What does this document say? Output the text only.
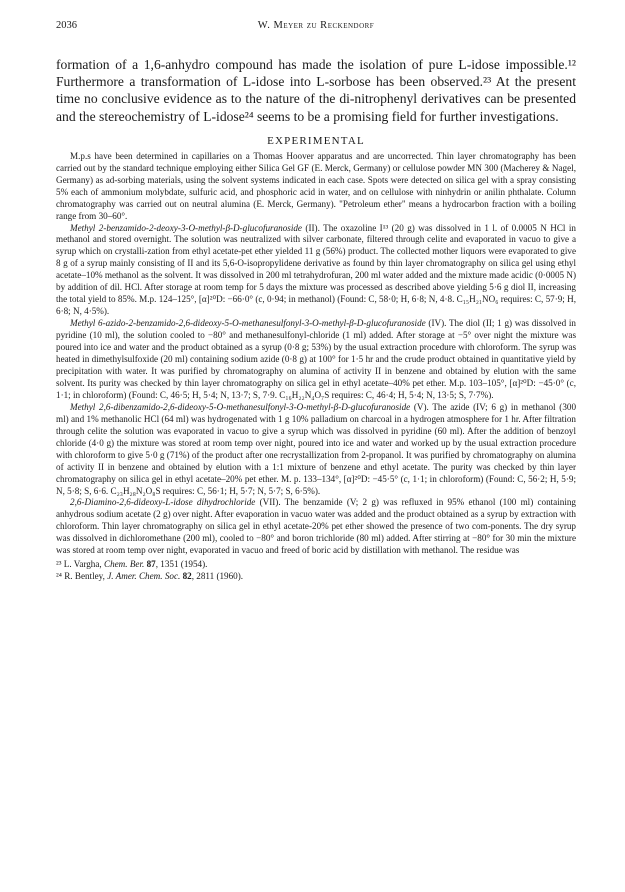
2036	W. Meyer zu Reckendorf

formation of a 1,6-anhydro compound has made the isolation of pure L-idose impossible.¹² Furthermore a transformation of L-idose into L-sorbose has been observed.²³ At the present time no conclusive evidence as to the nature of the di-nitrophenyl derivatives can be presented and the stereochemistry of L-idose²⁴ seems to be a promising field for further investigations.

EXPERIMENTAL

M.p.s have been determined in capillaries on a Thomas Hoover apparatus and are uncorrected. Thin layer chromatography has been carried out by the standard technique employing either Silica Gel GF (E. Merck, Germany) or cellulose powder MN 300 (Macherey & Nagel, Germany) as ad-sorbing materials, using the solvent systems indicated in each case. Spots were detected on silica gel with a spray consisting 5% each of ammonium molybdate, sulfuric acid, and phosphoric acid in water, and on cellulose with ninhydrin or anilin phthalate. Column chromatography was carried out on neutral alumina (E. Merck, Germany). "Petroleum ether" means a hydrocarbon fraction with a boiling range from 30–60°.

Methyl 2-benzamido-2-deoxy-3-O-methyl-β-D-glucofuranoside (II). The oxazoline I¹³ (20 g) was dissolved in 1 l. of 0.0005 N HCl in methanol and stored overnight. The solution was neutralized with silver carbonate, filtered through celite and evaporated in vacuo to give a syrup which on crystalli-zation from ethyl acetate-pet ether yielded 11 g (56%) product. The collected mother liquors were evaporated to give 8 g of a syrup mainly consisting of II and its 5,6-O-isopropylidene derivative as found by thin layer chromatography on silica gel using ethyl acetate–10% methanol as the solvent. It was dissolved in 200 ml tetrahydrofuran, 200 ml water added and the mixture made acidic (0·0005 N) by addition of dil. HCl. After storage at room temp for 5 days the mixture was processed as described above yielding 5·6 g diol II, increasing the total yield to 85%. M.p. 124–125°, [α]²⁰D: −66·0° (c, 0·94; in methanol) (Found: C, 58·0; H, 6·8; N, 4·8. C₁₅H₂₁NO₆ requires: C, 57·9; H, 6·8; N, 4·5%).

Methyl 6-azido-2-benzamido-2,6-dideoxy-5-O-methanesulfonyl-3-O-methyl-β-D-glucofuranoside (IV). The diol (II; 1 g) was dissolved in pyridine (10 ml), the solution cooled to −80° and methanesulfonyl-chloride (1 ml) added. After storage at −5° over night the mixture was poured into ice and water and the product obtained as a syrup (0·8 g; 53%) by the usual extraction procedure with chloroform. The syrup was heated in dimethylsulfoxide (20 ml) containing sodium azide (0·8 g) at 100° for 1·5 hr and the crude product obtained in quantitative yield by precipitation with water. It was purified by chromatography on alumina of activity II in benzene and obtained by elution with the same solvent. Its purity was checked by thin layer chromatography on silica gel in ethyl acetate–40% pet ether. M.p. 103–105°, [α]²⁰D: −45·0° (c, 1·1; in chloroform) (Found: C, 46·5; H, 5·4; N, 13·7; S, 7·9. C₁₆H₂₂N₄O₇S requires: C, 46·4; H, 5·4; N, 13·5; S, 7·7%).

Methyl 2,6-dibenzamido-2,6-dideoxy-5-O-methanesulfonyl-3-O-methyl-β-D-glucofuranoside (V). The azide (IV; 6 g) in methanol (300 ml) and 1% methanolic HCl (64 ml) was hydrogenated with 1 g 10% palladium on charcoal in a hydrogen atmosphere for 1 hr. After filtration through celite the solution was evaporated in vacuo to give a syrup which was dissolved in pyridine (60 ml). After the addition of benzoyl chloride (4·0 g) the mixture was stored at room temp over night, poured into ice and water and worked up by the usual extraction procedure with chloroform to give 5·0 g (71%) of the product after one recrystallization from 2-propanol. It was purified by chromatography on alumina of activity II in benzene and obtained by elution with a 1:1 mixture of benzene and ethyl acetate. The purity was checked by thin layer chromatography on silica gel in ethyl acetate–20% pet ether. M. p. 133–134°, [α]²⁰D: −45·5° (c, 1·1; in chloroform) (Found: C, 56·2; H, 5·9; N, 5·8; S, 6·6. C₂₃H₂₈N₂O₈S requires: C, 56·1; H, 5·7; N, 5·7; S, 6·5%).

2,6-Diamino-2,6-dideoxy-L-idose dihydrochloride (VII). The benzamide (V; 2 g) was refluxed in 95% ethanol (100 ml) containing anhydrous sodium acetate (2 g) over night. After evaporation in vacuo water was added and the product obtained as a syrup by extraction with chloroform. Thin layer chromatography on silica gel in ethyl acetate-20% pet ether showed the presence of two com-ponents. The dry syrup was dissolved in dichloromethane (200 ml), cooled to −80° and boron trichloride (80 ml) added. After stirring at −80° for 30 min the mixture was stored at room temp over night, evaporated in vacuo and freed of boric acid by distillation with methanol. The residue was

²³ L. Vargha, Chem. Ber. 87, 1351 (1954).

²⁴ R. Bentley, J. Amer. Chem. Soc. 82, 2811 (1960).
